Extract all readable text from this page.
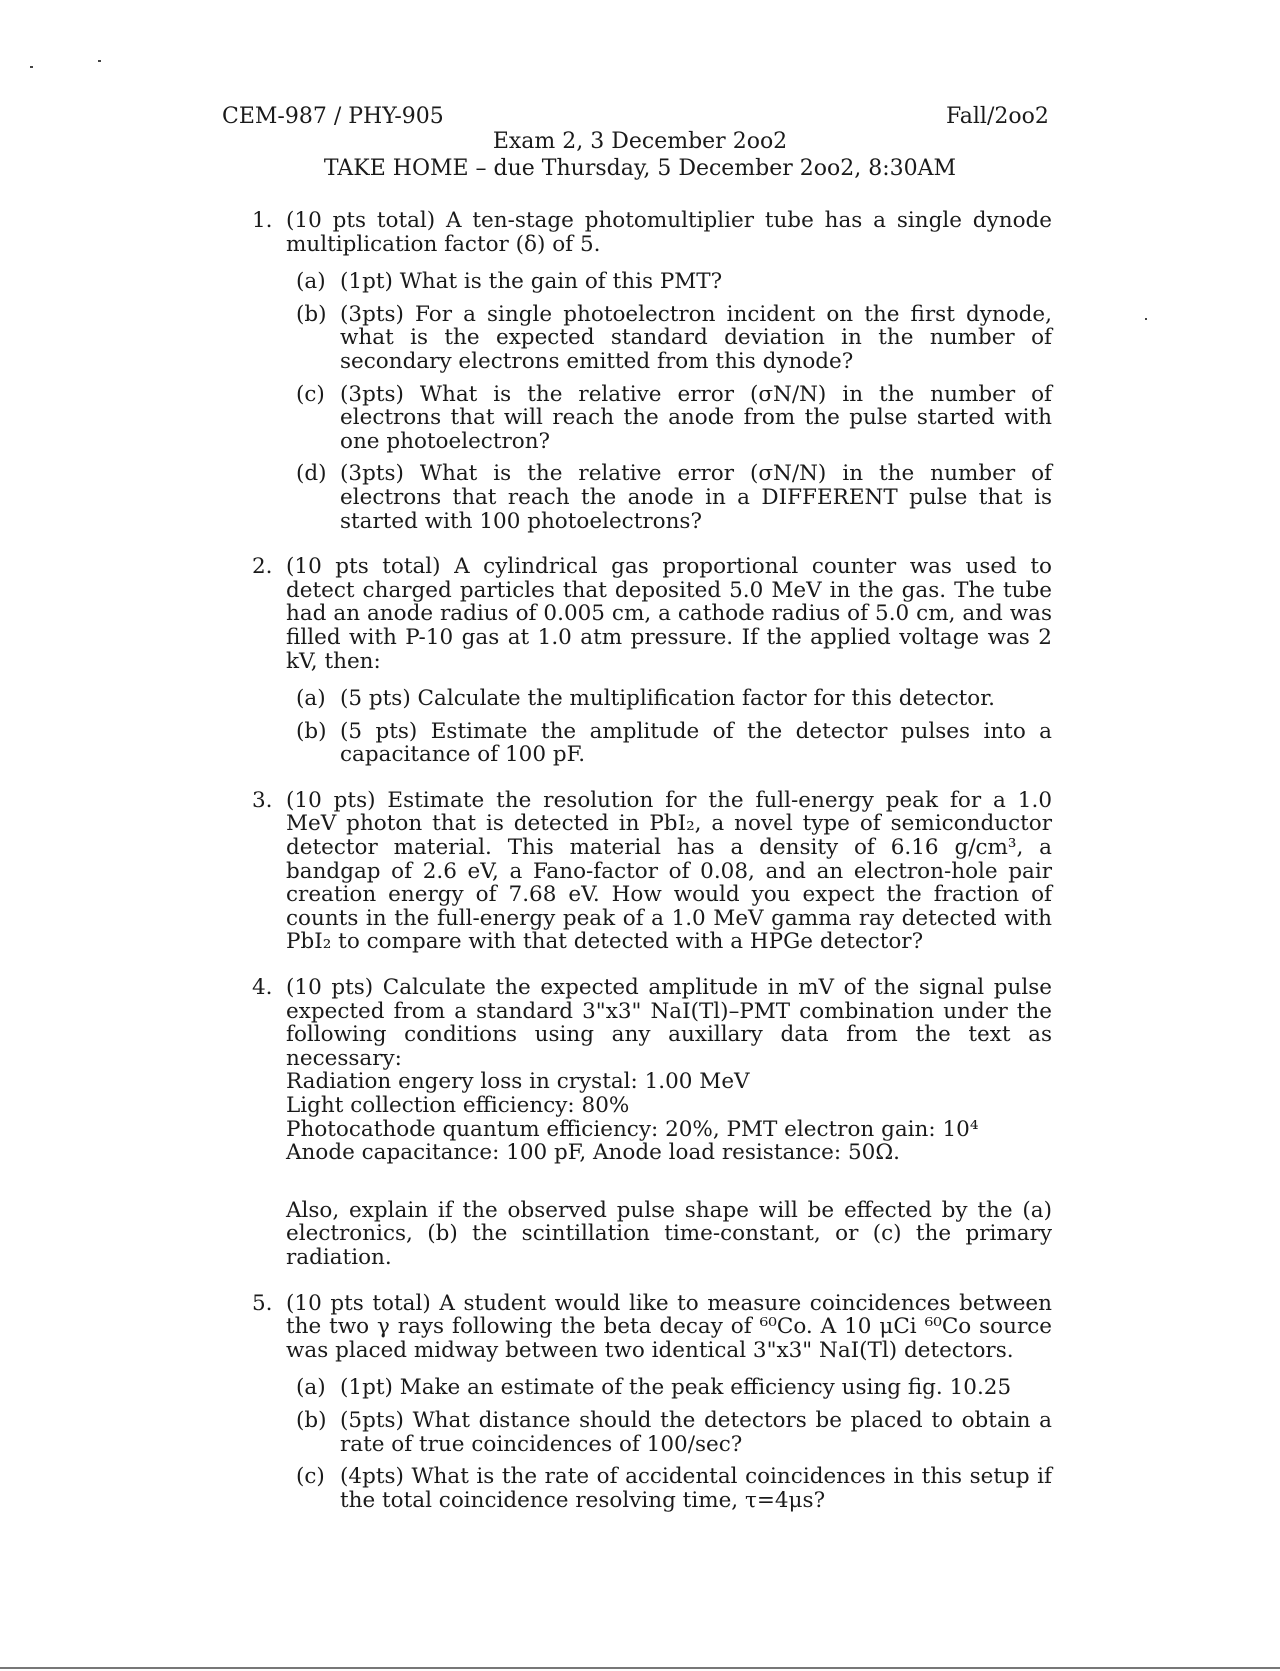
CEM-987 / PHY-905	Fall/2oo2
Exam 2, 3 December 2oo2
TAKE HOME – due Thursday, 5 December 2oo2, 8:30AM
1. (10 pts total) A ten-stage photomultiplier tube has a single dynode multiplication factor (δ) of 5.
(a) (1pt) What is the gain of this PMT?
(b) (3pts) For a single photoelectron incident on the first dynode, what is the expected standard deviation in the number of secondary electrons emitted from this dynode?
(c) (3pts) What is the relative error (σN/N) in the number of electrons that will reach the anode from the pulse started with one photoelectron?
(d) (3pts) What is the relative error (σN/N) in the number of electrons that reach the anode in a DIFFERENT pulse that is started with 100 photoelectrons?
2. (10 pts total) A cylindrical gas proportional counter was used to detect charged particles that deposited 5.0 MeV in the gas. The tube had an anode radius of 0.005 cm, a cathode radius of 5.0 cm, and was filled with P-10 gas at 1.0 atm pressure. If the applied voltage was 2 kV, then:
(a) (5 pts) Calculate the multiplification factor for this detector.
(b) (5 pts) Estimate the amplitude of the detector pulses into a capacitance of 100 pF.
3. (10 pts) Estimate the resolution for the full-energy peak for a 1.0 MeV photon that is detected in PbI₂, a novel type of semiconductor detector material. This material has a density of 6.16 g/cm³, a bandgap of 2.6 eV, a Fano-factor of 0.08, and an electron-hole pair creation energy of 7.68 eV. How would you expect the fraction of counts in the full-energy peak of a 1.0 MeV gamma ray detected with PbI₂ to compare with that detected with a HPGe detector?
4. (10 pts) Calculate the expected amplitude in mV of the signal pulse expected from a standard 3"x3" NaI(Tl)–PMT combination under the following conditions using any auxillary data from the text as necessary:
Radiation engery loss in crystal: 1.00 MeV
Light collection efficiency: 80%
Photocathode quantum efficiency: 20%, PMT electron gain: 10⁴
Anode capacitance: 100 pF, Anode load resistance: 50Ω.
Also, explain if the observed pulse shape will be effected by the (a) electronics, (b) the scintillation time-constant, or (c) the primary radiation.
5. (10 pts total) A student would like to measure coincidences between the two γ rays following the beta decay of ⁶⁰Co. A 10 μCi ⁶⁰Co source was placed midway between two identical 3"x3" NaI(Tl) detectors.
(a) (1pt) Make an estimate of the peak efficiency using fig. 10.25
(b) (5pts) What distance should the detectors be placed to obtain a rate of true coincidences of 100/sec?
(c) (4pts) What is the rate of accidental coincidences in this setup if the total coincidence resolving time, τ=4μs?
